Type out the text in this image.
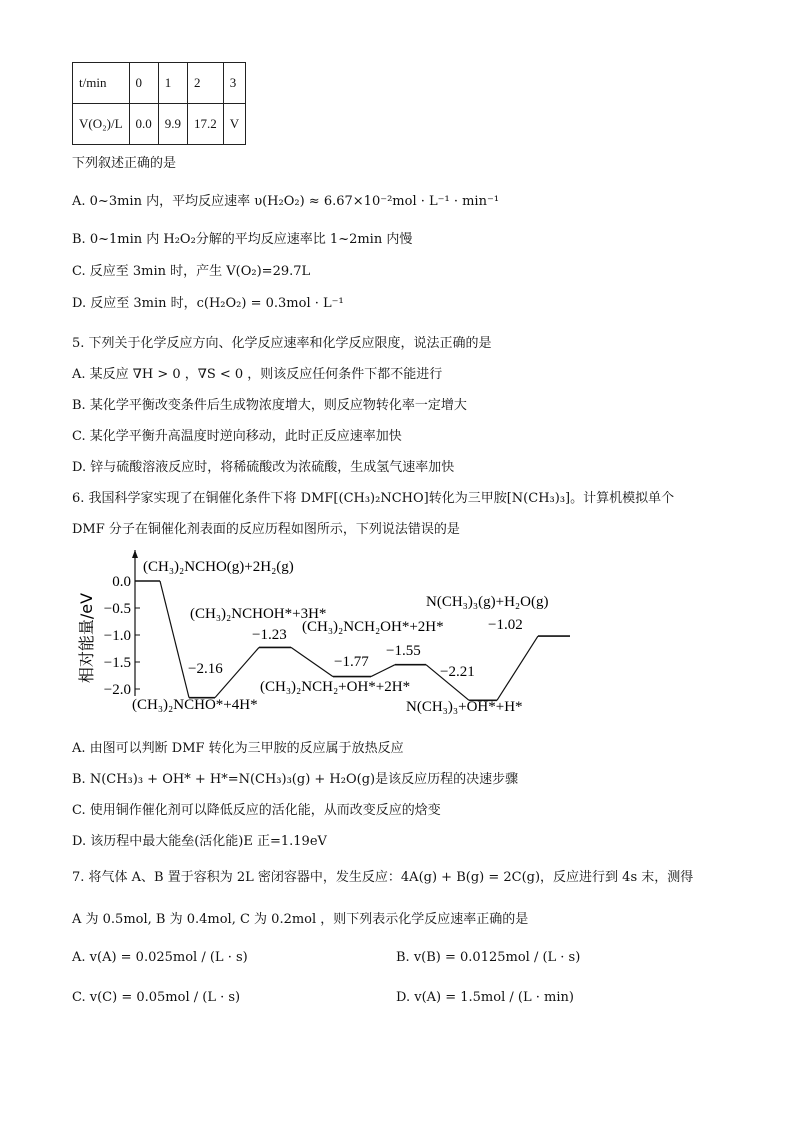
t/min	0	1	2	3
V(O₂)/L	0.0	9.9	17.2	V
下列叙述正确的是
A. 0~3min 内，平均反应速率 υ(H₂O₂) ≈ 6.67×10⁻²mol · L⁻¹ · min⁻¹
B. 0~1min 内 H₂O₂分解的平均反应速率比 1~2min 内慢
C. 反应至 3min 时，产生 V(O₂)=29.7L
D. 反应至 3min 时，c(H₂O₂) = 0.3mol · L⁻¹
5. 下列关于化学反应方向、化学反应速率和化学反应限度，说法正确的是
A. 某反应 ∇H > 0 ，∇S < 0 ，则该反应任何条件下都不能进行
B. 某化学平衡改变条件后生成物浓度增大，则反应物转化率一定增大
C. 某化学平衡升高温度时逆向移动，此时正反应速率加快
D. 锌与硫酸溶液反应时，将稀硫酸改为浓硫酸，生成氢气速率加快
6. 我国科学家实现了在铜催化条件下将 DMF[(CH₃)₂NCHO]转化为三甲胺[N(CH₃)₃]。计算机模拟单个
DMF 分子在铜催化剂表面的反应历程如图所示，下列说法错误的是
0.0
−0.5
−1.0
−1.5
−2.0
(CH₃)₂NCHO(g)+2H₂(g)
−2.16
(CH₃)₂NCHO*+4H*
−1.23
(CH₃)₂NCHOH*+3H*
−1.77
(CH₃)₂NCH₂OH*+2H*
−1.55
(CH₃)₂NCH₂+OH*+2H*
−2.21
N(CH₃)₃+OH*+H*
−1.02
N(CH₃)₃(g)+H₂O(g)
相对能量/eV
A. 由图可以判断 DMF 转化为三甲胺的反应属于放热反应
B. N(CH₃)₃ + OH* + H*=N(CH₃)₃(g) + H₂O(g)是该反应历程的决速步骤
C. 使用铜作催化剂可以降低反应的活化能，从而改变反应的焓变
D. 该历程中最大能垒(活化能)E 正=1.19eV
7. 将气体 A、B 置于容积为 2L 密闭容器中，发生反应：4A(g) + B(g) = 2C(g)，反应进行到 4s 末，测得
A 为 0.5mol, B 为 0.4mol, C 为 0.2mol ，则下列表示化学反应速率正确的是
A. v(A) = 0.025mol / (L · s)	B. v(B) = 0.0125mol / (L · s)
C. v(C) = 0.05mol / (L · s)	D. v(A) = 1.5mol / (L · min)
